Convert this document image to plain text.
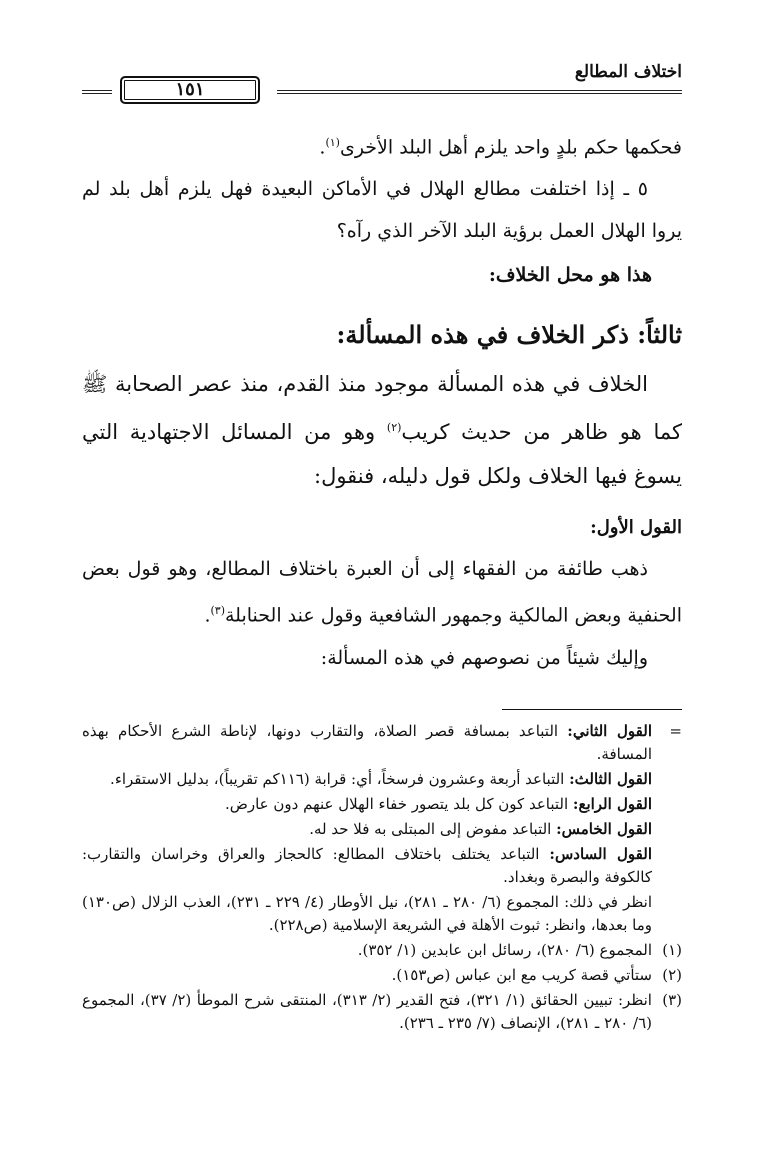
اختلاف المطالع
١٥١

فحكمها حكم بلدٍ واحد يلزم أهل البلد الأخرى$^{(١)}$.

٥ ـ إذا اختلفت مطالع الهلال في الأماكن البعيدة فهل يلزم أهل بلد لم يروا الهلال العمل برؤية البلد الآخر الذي رآه؟

هذا هو محل الخلاف:

ثالثاً: ذكر الخلاف في هذه المسألة:

الخلاف في هذه المسألة موجود منذ القدم، منذ عصر الصحابة ﷺ كما هو ظاهر من حديث كريب$^{(٢)}$ وهو من المسائل الاجتهادية التي يسوغ فيها الخلاف ولكل قول دليله، فنقول:

القول الأول:

ذهب طائفة من الفقهاء إلى أن العبرة باختلاف المطالع، وهو قول بعض الحنفية وبعض المالكية وجمهور الشافعية وقول عند الحنابلة$^{(٣)}$.

وإليك شيئاً من نصوصهم في هذه المسألة:

=
القول الثاني: التباعد بمسافة قصر الصلاة، والتقارب دونها، لإناطة الشرع الأحكام بهذه المسافة.

القول الثالث: التباعد أربعة وعشرون فرسخاً، أي: قرابة (١١٦كم تقريباً)، بدليل الاستقراء.

القول الرابع: التباعد كون كل بلد يتصور خفاء الهلال عنهم دون عارض.

القول الخامس: التباعد مفوض إلى المبتلى به فلا حد له.

القول السادس: التباعد يختلف باختلاف المطالع: كالحجاز والعراق وخراسان والتقارب: كالكوفة والبصرة وبغداد.

انظر في ذلك: المجموع (٦/ ٢٨٠ ـ ٢٨١)، نيل الأوطار (٤/ ٢٢٩ ـ ٢٣١)، العذب الزلال (ص١٣٠) وما بعدها، وانظر: ثبوت الأهلة في الشريعة الإسلامية (ص٢٢٨).

(١)
المجموع (٦/ ٢٨٠)، رسائل ابن عابدين (١/ ٣٥٢).

(٢)
ستأتي قصة كريب مع ابن عباس (ص١٥٣).

(٣)
انظر: تبيين الحقائق (١/ ٣٢١)، فتح القدير (٢/ ٣١٣)، المنتقى شرح الموطأ (٢/ ٣٧)، المجموع (٦/ ٢٨٠ ـ ٢٨١)، الإنصاف (٧/ ٢٣٥ ـ ٢٣٦).
